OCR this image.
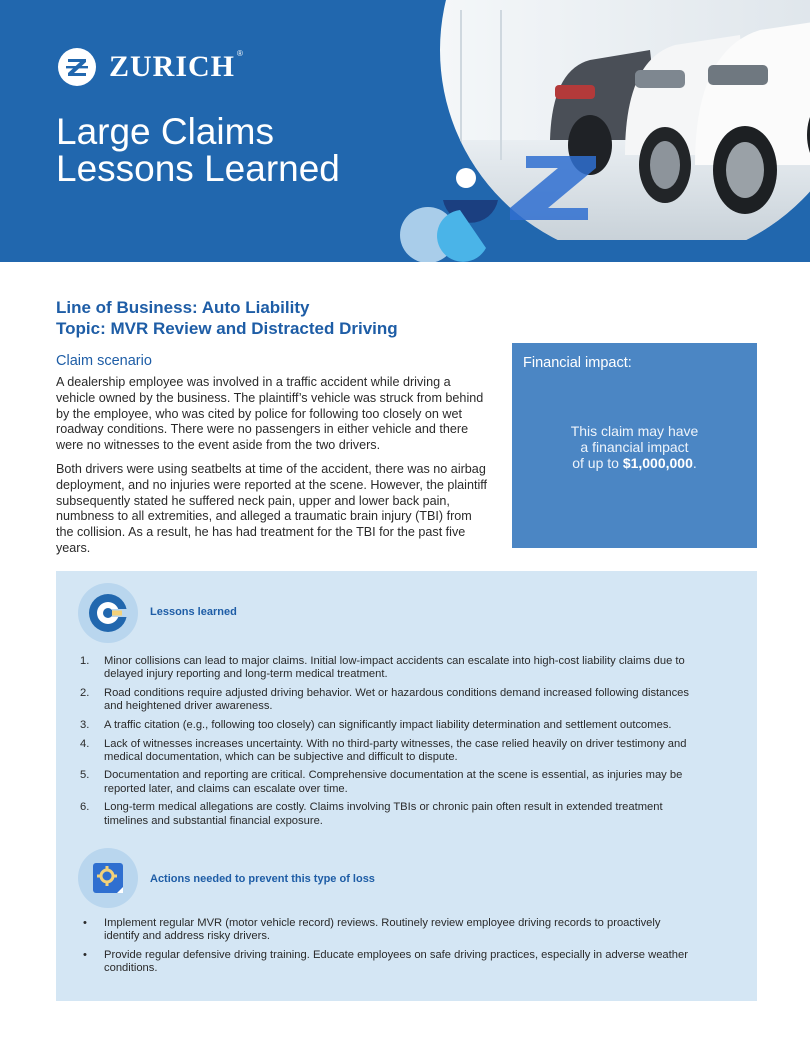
ZURICH ®
Large Claims
Lessons Learned
Line of Business: Auto Liability
Topic: MVR Review and Distracted Driving
Claim scenario

A dealership employee was involved in a traffic accident while driving a vehicle owned by the business. The plaintiff’s vehicle was struck from behind by the employee, who was cited by police for following too closely on wet roadway conditions. There were no passengers in either vehicle and there were no witnesses to the event aside from the two drivers.

Both drivers were using seatbelts at time of the accident, there was no airbag deployment, and no injuries were reported at the scene. However, the plaintiff subsequently stated he suffered neck pain, upper and lower back pain, numbness to all extremities, and alleged a traumatic brain injury (TBI) from the collision. As a result, he has had treatment for the TBI for the past five years.

Financial impact:
This claim may have
a financial impact
of up to $1,000,000.
Lessons learned
1. Minor collisions can lead to major claims. Initial low-impact accidents can escalate into high-cost liability claims due to delayed injury reporting and long-term medical treatment.
2. Road conditions require adjusted driving behavior. Wet or hazardous conditions demand increased following distances and heightened driver awareness.
3. A traffic citation (e.g., following too closely) can significantly impact liability determination and settlement outcomes.
4. Lack of witnesses increases uncertainty. With no third-party witnesses, the case relied heavily on driver testimony and medical documentation, which can be subjective and difficult to dispute.
5. Documentation and reporting are critical. Comprehensive documentation at the scene is essential, as injuries may be reported later, and claims can escalate over time.
6. Long-term medical allegations are costly. Claims involving TBIs or chronic pain often result in extended treatment timelines and substantial financial exposure.
Actions needed to prevent this type of loss
• Implement regular MVR (motor vehicle record) reviews. Routinely review employee driving records to proactively identify and address risky drivers.
• Provide regular defensive driving training. Educate employees on safe driving practices, especially in adverse weather conditions.
